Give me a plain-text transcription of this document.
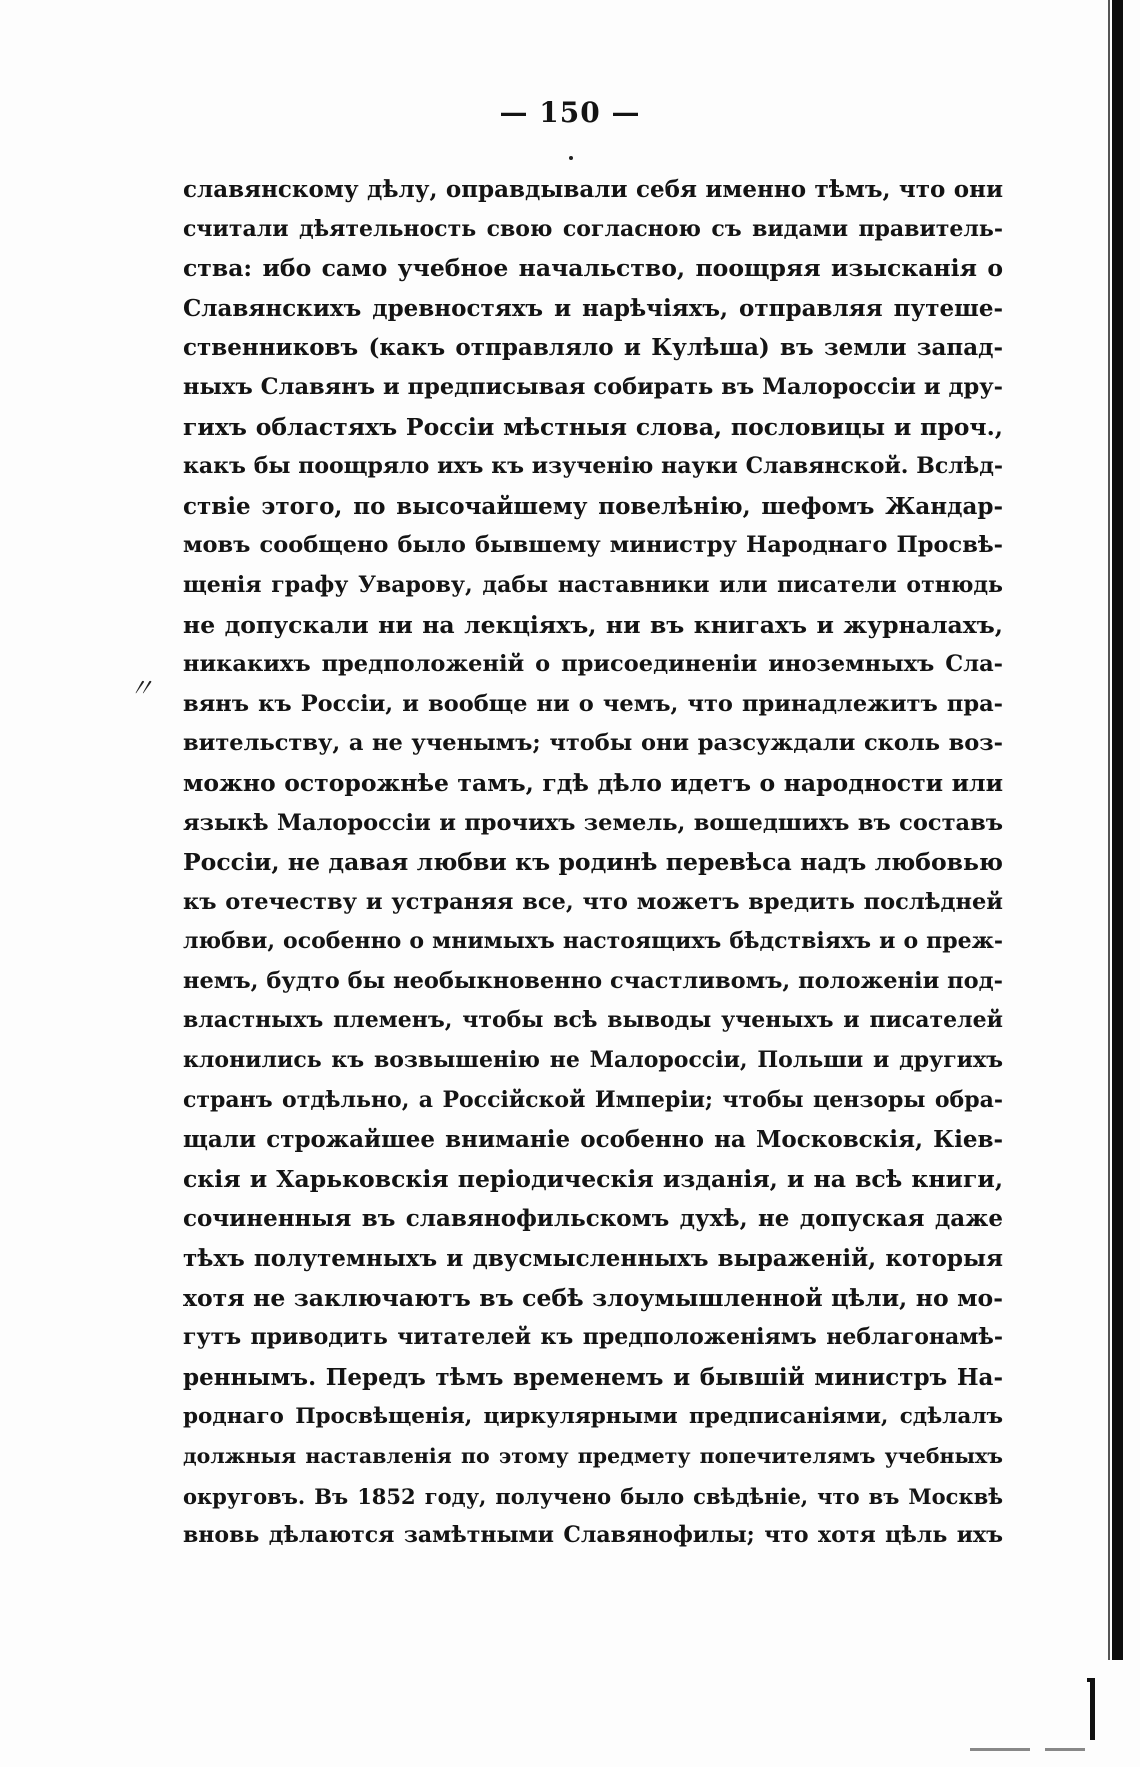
— 150 —
〃
славянскому дѣлу, оправдывали себя именно тѣмъ, что они
считали дѣятельность свою согласною съ видами правитель-
ства: ибо само учебное начальство, поощряя изысканія о
Славянскихъ древностяхъ и нарѣчіяхъ, отправляя путеше-
ственниковъ (какъ отправляло и Кулѣша) въ земли запад-
ныхъ Славянъ и предписывая собирать въ Малороссіи и дру-
гихъ областяхъ Россіи мѣстныя слова, пословицы и проч.,
какъ бы поощряло ихъ къ изученію науки Славянской. Вслѣд-
ствіе этого, по высочайшему повелѣнію, шефомъ Жандар-
мовъ сообщено было бывшему министру Народнаго Просвѣ-
щенія графу Уварову, дабы наставники или писатели отнюдь
не допускали ни на лекціяхъ, ни въ книгахъ и журналахъ,
никакихъ предположеній о присоединеніи иноземныхъ Сла-
вянъ къ Россіи, и вообще ни о чемъ, что принадлежитъ пра-
вительству, а не ученымъ; чтобы они разсуждали сколь воз-
можно осторожнѣе тамъ, гдѣ дѣло идетъ о народности или
языкѣ Малороссіи и прочихъ земель, вошедшихъ въ составъ
Россіи, не давая любви къ родинѣ перевѣса надъ любовью
къ отечеству и устраняя все, что можетъ вредить послѣдней
любви, особенно о мнимыхъ настоящихъ бѣдствіяхъ и о преж-
немъ, будто бы необыкновенно счастливомъ, положеніи под-
властныхъ племенъ, чтобы всѣ выводы ученыхъ и писателей
клонились къ возвышенію не Малороссіи, Польши и другихъ
странъ отдѣльно, а Россійской Имперіи; чтобы цензоры обра-
щали строжайшее вниманіе особенно на Московскія, Кіев-
скія и Харьковскія періодическія изданія, и на всѣ книги,
сочиненныя въ славянофильскомъ духѣ, не допуская даже
тѣхъ полутемныхъ и двусмысленныхъ выраженій, которыя
хотя не заключаютъ въ себѣ злоумышленной цѣли, но мо-
гутъ приводить читателей къ предположеніямъ неблагонамѣ-
реннымъ. Передъ тѣмъ временемъ и бывшій министръ На-
роднаго Просвѣщенія, циркулярными предписаніями, сдѣлалъ
должныя наставленія по этому предмету попечителямъ учебныхъ
округовъ. Въ 1852 году, получено было свѣдѣніе, что въ Москвѣ
вновь дѣлаются замѣтными Славянофилы; что хотя цѣль ихъ
